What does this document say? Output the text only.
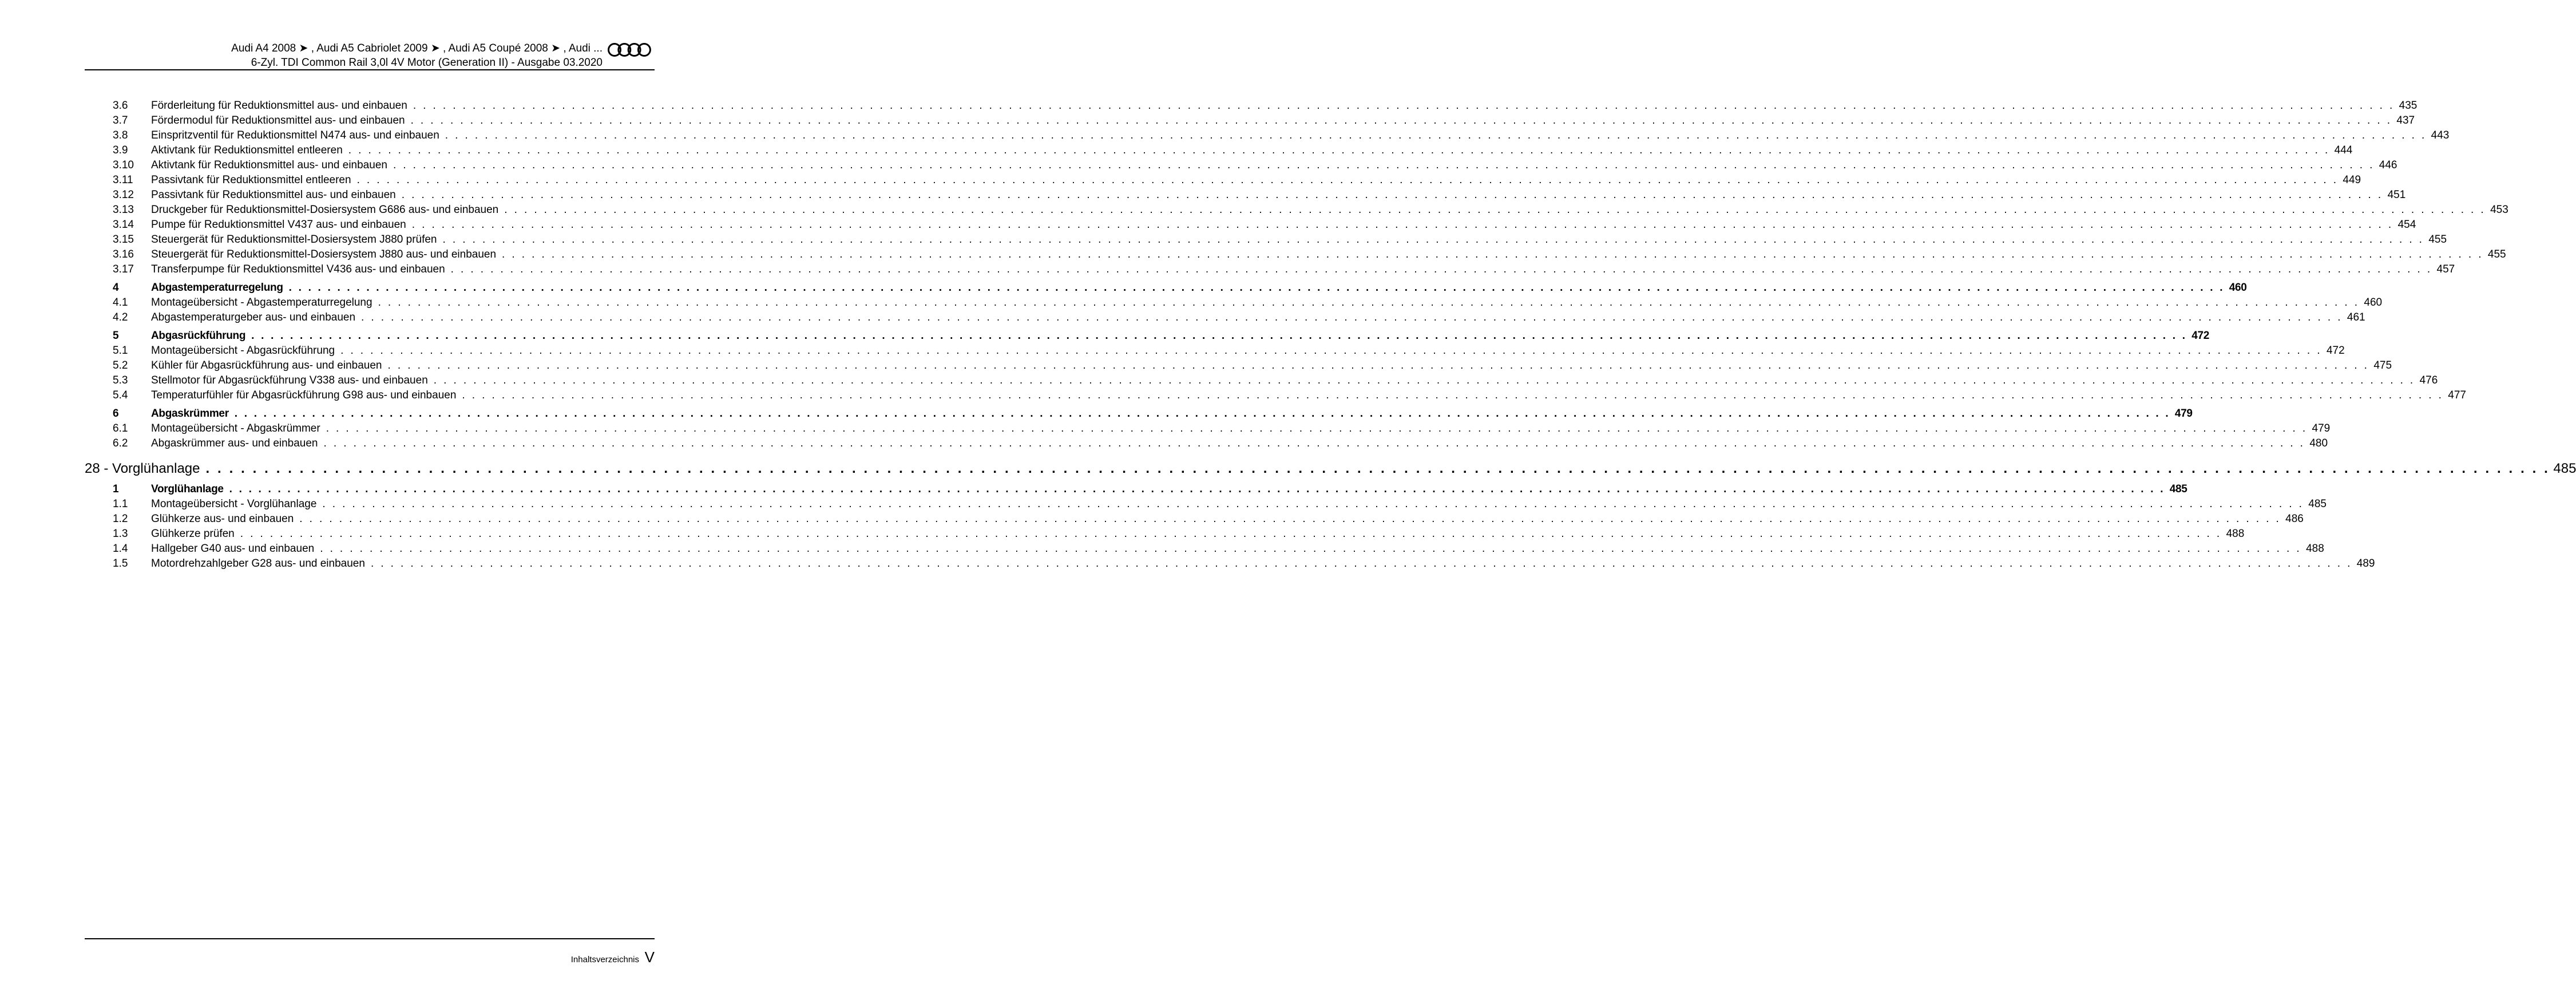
Audi A4 2008 ➤ , Audi A5 Cabriolet 2009 ➤ , Audi A5 Coupé 2008 ➤ , Audi ...
6-Zyl. TDI Common Rail 3,0l 4V Motor (Generation II) - Ausgabe 03.2020
3.6 Förderleitung für Reduktionsmittel aus- und einbauen . . . . . . . . . . . . . . . . . . . . . . . . . . . . . . . . . . . . . . . . . . . . . . . . . . . . . . . . . . . . . . . . . . . . . . . . . . . . . . . . . . . . . . . . . . . . . . . . . . . . . . . . . . . . . . . . . . . . . . . . . . . . . . . . . . . . . . . . . . . . . . . . . . . . . . . . . . . . . . . . . . . . . . . . . . . . . . . . . . . . . . . . . . . . . . . . . . . . . . . . 435
3.7 Fördermodul für Reduktionsmittel aus- und einbauen . . . . . . . . . . . . . . . . . . . . . . . . . . . . . . . . . . . . . . . . . . . . . . . . . . . . . . . . . . . . . . . . . . . . . . . . . . . . . . . . . . . . . . . . . . . . . . . . . . . . . . . . . . . . . . . . . . . . . . . . . . . . . . . . . . . . . . . . . . . . . . . . . . . . . . . . . . . . . . . . . . . . . . . . . . . . . . . . . . . . . . . . . . . . . . . . . . . . . . . . 437
3.8 Einspritzventil für Reduktionsmittel N474 aus- und einbauen . . . . . . . . . . . . . . . . . . . . . . . . . . . . . . . . . . . . . . . . . . . . . . . . . . . . . . . . . . . . . . . . . . . . . . . . . . . . . . . . . . . . . . . . . . . . . . . . . . . . . . . . . . . . . . . . . . . . . . . . . . . . . . . . . . . . . . . . . . . . . . . . . . . . . . . . . . . . . . . . . . . . . . . . . . . . . . . . . . . . . . . . . . . . . . . . . . . . . . . . 443
3.9 Aktivtank für Reduktionsmittel entleeren . . . . . . . . . . . . . . . . . . . . . . . . . . . . . . . . . . . . . . . . . . . . . . . . . . . . . . . . . . . . . . . . . . . . . . . . . . . . . . . . . . . . . . . . . . . . . . . . . . . . . . . . . . . . . . . . . . . . . . . . . . . . . . . . . . . . . . . . . . . . . . . . . . . . . . . . . . . . . . . . . . . . . . . . . . . . . . . . . . . . . . . . . . . . . . . . . . . . . . . . 444
3.10 Aktivtank für Reduktionsmittel aus- und einbauen . . . . . . . . . . . . . . . . . . . . . . . . . . . . . . . . . . . . . . . . . . . . . . . . . . . . . . . . . . . . . . . . . . . . . . . . . . . . . . . . . . . . . . . . . . . . . . . . . . . . . . . . . . . . . . . . . . . . . . . . . . . . . . . . . . . . . . . . . . . . . . . . . . . . . . . . . . . . . . . . . . . . . . . . . . . . . . . . . . . . . . . . . . . . . . . . . . . . . . . . 446
3.11 Passivtank für Reduktionsmittel entleeren . . . . . . . . . . . . . . . . . . . . . . . . . . . . . . . . . . . . . . . . . . . . . . . . . . . . . . . . . . . . . . . . . . . . . . . . . . . . . . . . . . . . . . . . . . . . . . . . . . . . . . . . . . . . . . . . . . . . . . . . . . . . . . . . . . . . . . . . . . . . . . . . . . . . . . . . . . . . . . . . . . . . . . . . . . . . . . . . . . . . . . . . . . . . . . . . . . . . . . . . 449
3.12 Passivtank für Reduktionsmittel aus- und einbauen . . . . . . . . . . . . . . . . . . . . . . . . . . . . . . . . . . . . . . . . . . . . . . . . . . . . . . . . . . . . . . . . . . . . . . . . . . . . . . . . . . . . . . . . . . . . . . . . . . . . . . . . . . . . . . . . . . . . . . . . . . . . . . . . . . . . . . . . . . . . . . . . . . . . . . . . . . . . . . . . . . . . . . . . . . . . . . . . . . . . . . . . . . . . . . . . . . . . . . . . 451
3.13 Druckgeber für Reduktionsmittel-Dosiersystem G686 aus- und einbauen . . . . . . . . . . . . . . . . . . . . . . . . . . . . . . . . . . . . . . . . . . . . . . . . . . . . . . . . . . . . . . . . . . . . . . . . . . . . . . . . . . . . . . . . . . . . . . . . . . . . . . . . . . . . . . . . . . . . . . . . . . . . . . . . . . . . . . . . . . . . . . . . . . . . . . . . . . . . . . . . . . . . . . . . . . . . . . . . . . . . . . . . . . . . . . . . . . . . . . . . 453
3.14 Pumpe für Reduktionsmittel V437 aus- und einbauen . . . . . . . . . . . . . . . . . . . . . . . . . . . . . . . . . . . . . . . . . . . . . . . . . . . . . . . . . . . . . . . . . . . . . . . . . . . . . . . . . . . . . . . . . . . . . . . . . . . . . . . . . . . . . . . . . . . . . . . . . . . . . . . . . . . . . . . . . . . . . . . . . . . . . . . . . . . . . . . . . . . . . . . . . . . . . . . . . . . . . . . . . . . . . . . . . . . . . . . . 454
3.15 Steuergerät für Reduktionsmittel-Dosiersystem J880 prüfen . . . . . . . . . . . . . . . . . . . . . . . . . . . . . . . . . . . . . . . . . . . . . . . . . . . . . . . . . . . . . . . . . . . . . . . . . . . . . . . . . . . . . . . . . . . . . . . . . . . . . . . . . . . . . . . . . . . . . . . . . . . . . . . . . . . . . . . . . . . . . . . . . . . . . . . . . . . . . . . . . . . . . . . . . . . . . . . . . . . . . . . . . . . . . . . . . . . . . . . . 455
3.16 Steuergerät für Reduktionsmittel-Dosiersystem J880 aus- und einbauen . . . . . . . . . . . . . . . . . . . . . . . . . . . . . . . . . . . . . . . . . . . . . . . . . . . . . . . . . . . . . . . . . . . . . . . . . . . . . . . . . . . . . . . . . . . . . . . . . . . . . . . . . . . . . . . . . . . . . . . . . . . . . . . . . . . . . . . . . . . . . . . . . . . . . . . . . . . . . . . . . . . . . . . . . . . . . . . . . . . . . . . . . . . . . . . . . . . . . . . . 455
3.17 Transferpumpe für Reduktionsmittel V436 aus- und einbauen . . . . . . . . . . . . . . . . . . . . . . . . . . . . . . . . . . . . . . . . . . . . . . . . . . . . . . . . . . . . . . . . . . . . . . . . . . . . . . . . . . . . . . . . . . . . . . . . . . . . . . . . . . . . . . . . . . . . . . . . . . . . . . . . . . . . . . . . . . . . . . . . . . . . . . . . . . . . . . . . . . . . . . . . . . . . . . . . . . . . . . . . . . . . . . . . . . . . . . . . 457
4	Abgastemperaturregelung . . . . . . . . . . . . . . . . . . . . . . . . . . . . . . . . . . . . . . . . . . . . . . . . . . . . . . . . . . . . . . . . . . . . . . . . . . . . . . . . . . . . . . . . . . . . . . . . . . . . . . . . . . . . . . . . . . . . . . . . . . . . . . . . . . . . . . . . . . . . . . . . . . . . . . . . . . . . . . . . . . . . . . . . . . . . . . . . . . . . . . . . . . . . . . . . . . . . . . . . 460
4.1 Montageübersicht - Abgastemperaturregelung . . . . . . . . . . . . . . . . . . . . . . . . . . . . . . . . . . . . . . . . . . . . . . . . . . . . . . . . . . . . . . . . . . . . . . . . . . . . . . . . . . . . . . . . . . . . . . . . . . . . . . . . . . . . . . . . . . . . . . . . . . . . . . . . . . . . . . . . . . . . . . . . . . . . . . . . . . . . . . . . . . . . . . . . . . . . . . . . . . . . . . . . . . . . . . . . . . . . . . . . 460
4.2 Abgastemperaturgeber aus- und einbauen . . . . . . . . . . . . . . . . . . . . . . . . . . . . . . . . . . . . . . . . . . . . . . . . . . . . . . . . . . . . . . . . . . . . . . . . . . . . . . . . . . . . . . . . . . . . . . . . . . . . . . . . . . . . . . . . . . . . . . . . . . . . . . . . . . . . . . . . . . . . . . . . . . . . . . . . . . . . . . . . . . . . . . . . . . . . . . . . . . . . . . . . . . . . . . . . . . . . . . . . 461
5	Abgasrückführung . . . . . . . . . . . . . . . . . . . . . . . . . . . . . . . . . . . . . . . . . . . . . . . . . . . . . . . . . . . . . . . . . . . . . . . . . . . . . . . . . . . . . . . . . . . . . . . . . . . . . . . . . . . . . . . . . . . . . . . . . . . . . . . . . . . . . . . . . . . . . . . . . . . . . . . . . . . . . . . . . . . . . . . . . . . . . . . . . . . . . . . . . . . . . . . . . . . . . . . . 472
5.1 Montageübersicht - Abgasrückführung . . . . . . . . . . . . . . . . . . . . . . . . . . . . . . . . . . . . . . . . . . . . . . . . . . . . . . . . . . . . . . . . . . . . . . . . . . . . . . . . . . . . . . . . . . . . . . . . . . . . . . . . . . . . . . . . . . . . . . . . . . . . . . . . . . . . . . . . . . . . . . . . . . . . . . . . . . . . . . . . . . . . . . . . . . . . . . . . . . . . . . . . . . . . . . . . . . . . . . . . 472
5.2 Kühler für Abgasrückführung aus- und einbauen . . . . . . . . . . . . . . . . . . . . . . . . . . . . . . . . . . . . . . . . . . . . . . . . . . . . . . . . . . . . . . . . . . . . . . . . . . . . . . . . . . . . . . . . . . . . . . . . . . . . . . . . . . . . . . . . . . . . . . . . . . . . . . . . . . . . . . . . . . . . . . . . . . . . . . . . . . . . . . . . . . . . . . . . . . . . . . . . . . . . . . . . . . . . . . . . . . . . . . . . 475
5.3 Stellmotor für Abgasrückführung V338 aus- und einbauen . . . . . . . . . . . . . . . . . . . . . . . . . . . . . . . . . . . . . . . . . . . . . . . . . . . . . . . . . . . . . . . . . . . . . . . . . . . . . . . . . . . . . . . . . . . . . . . . . . . . . . . . . . . . . . . . . . . . . . . . . . . . . . . . . . . . . . . . . . . . . . . . . . . . . . . . . . . . . . . . . . . . . . . . . . . . . . . . . . . . . . . . . . . . . . . . . . . . . . . . 476
5.4 Temperaturfühler für Abgasrückführung G98 aus- und einbauen . . . . . . . . . . . . . . . . . . . . . . . . . . . . . . . . . . . . . . . . . . . . . . . . . . . . . . . . . . . . . . . . . . . . . . . . . . . . . . . . . . . . . . . . . . . . . . . . . . . . . . . . . . . . . . . . . . . . . . . . . . . . . . . . . . . . . . . . . . . . . . . . . . . . . . . . . . . . . . . . . . . . . . . . . . . . . . . . . . . . . . . . . . . . . . . . . . . . . . . . 477
6	Abgaskrümmer . . . . . . . . . . . . . . . . . . . . . . . . . . . . . . . . . . . . . . . . . . . . . . . . . . . . . . . . . . . . . . . . . . . . . . . . . . . . . . . . . . . . . . . . . . . . . . . . . . . . . . . . . . . . . . . . . . . . . . . . . . . . . . . . . . . . . . . . . . . . . . . . . . . . . . . . . . . . . . . . . . . . . . . . . . . . . . . . . . . . . . . . . . . . . . . . . . . . . . . . 479
6.1 Montageübersicht - Abgaskrümmer . . . . . . . . . . . . . . . . . . . . . . . . . . . . . . . . . . . . . . . . . . . . . . . . . . . . . . . . . . . . . . . . . . . . . . . . . . . . . . . . . . . . . . . . . . . . . . . . . . . . . . . . . . . . . . . . . . . . . . . . . . . . . . . . . . . . . . . . . . . . . . . . . . . . . . . . . . . . . . . . . . . . . . . . . . . . . . . . . . . . . . . . . . . . . . . . . . . . . . . . 479
6.2 Abgaskrümmer aus- und einbauen . . . . . . . . . . . . . . . . . . . . . . . . . . . . . . . . . . . . . . . . . . . . . . . . . . . . . . . . . . . . . . . . . . . . . . . . . . . . . . . . . . . . . . . . . . . . . . . . . . . . . . . . . . . . . . . . . . . . . . . . . . . . . . . . . . . . . . . . . . . . . . . . . . . . . . . . . . . . . . . . . . . . . . . . . . . . . . . . . . . . . . . . . . . . . . . . . . . . . . . . 480
28 - Vorglühanlage . . . . . . . . . . . . . . . . . . . . . . . . . . . . . . . . . . . . . . . . . . . . . . . . . . . . . . . . . . . . . . . . . . . . . . . . . . . . . . . . . . . . . . . . . . . . . . . . . . . . . . . . . . . . . . . . . . . . . . . . . . . . . . . . . . . . . . . . . . . . . . . . . . . . . . . . . . . . . . . . . . . . . . . . . . . . . . . . . . . . . . . . . . . . . . . . . . . . . . . . 485
1	Vorglühanlage . . . . . . . . . . . . . . . . . . . . . . . . . . . . . . . . . . . . . . . . . . . . . . . . . . . . . . . . . . . . . . . . . . . . . . . . . . . . . . . . . . . . . . . . . . . . . . . . . . . . . . . . . . . . . . . . . . . . . . . . . . . . . . . . . . . . . . . . . . . . . . . . . . . . . . . . . . . . . . . . . . . . . . . . . . . . . . . . . . . . . . . . . . . . . . . . . . . . . . . . 485
1.1 Montageübersicht - Vorglühanlage . . . . . . . . . . . . . . . . . . . . . . . . . . . . . . . . . . . . . . . . . . . . . . . . . . . . . . . . . . . . . . . . . . . . . . . . . . . . . . . . . . . . . . . . . . . . . . . . . . . . . . . . . . . . . . . . . . . . . . . . . . . . . . . . . . . . . . . . . . . . . . . . . . . . . . . . . . . . . . . . . . . . . . . . . . . . . . . . . . . . . . . . . . . . . . . . . . . . . . . . 485
1.2 Glühkerze aus- und einbauen . . . . . . . . . . . . . . . . . . . . . . . . . . . . . . . . . . . . . . . . . . . . . . . . . . . . . . . . . . . . . . . . . . . . . . . . . . . . . . . . . . . . . . . . . . . . . . . . . . . . . . . . . . . . . . . . . . . . . . . . . . . . . . . . . . . . . . . . . . . . . . . . . . . . . . . . . . . . . . . . . . . . . . . . . . . . . . . . . . . . . . . . . . . . . . . . . . . . . . . . 486
1.3 Glühkerze prüfen . . . . . . . . . . . . . . . . . . . . . . . . . . . . . . . . . . . . . . . . . . . . . . . . . . . . . . . . . . . . . . . . . . . . . . . . . . . . . . . . . . . . . . . . . . . . . . . . . . . . . . . . . . . . . . . . . . . . . . . . . . . . . . . . . . . . . . . . . . . . . . . . . . . . . . . . . . . . . . . . . . . . . . . . . . . . . . . . . . . . . . . . . . . . . . . . . . . . . . . . 488
1.4 Hallgeber G40 aus- und einbauen . . . . . . . . . . . . . . . . . . . . . . . . . . . . . . . . . . . . . . . . . . . . . . . . . . . . . . . . . . . . . . . . . . . . . . . . . . . . . . . . . . . . . . . . . . . . . . . . . . . . . . . . . . . . . . . . . . . . . . . . . . . . . . . . . . . . . . . . . . . . . . . . . . . . . . . . . . . . . . . . . . . . . . . . . . . . . . . . . . . . . . . . . . . . . . . . . . . . . . . . 488
1.5 Motordrehzahlgeber G28 aus- und einbauen . . . . . . . . . . . . . . . . . . . . . . . . . . . . . . . . . . . . . . . . . . . . . . . . . . . . . . . . . . . . . . . . . . . . . . . . . . . . . . . . . . . . . . . . . . . . . . . . . . . . . . . . . . . . . . . . . . . . . . . . . . . . . . . . . . . . . . . . . . . . . . . . . . . . . . . . . . . . . . . . . . . . . . . . . . . . . . . . . . . . . . . . . . . . . . . . . . . . . . . . 489
Inhaltsverzeichnis V
